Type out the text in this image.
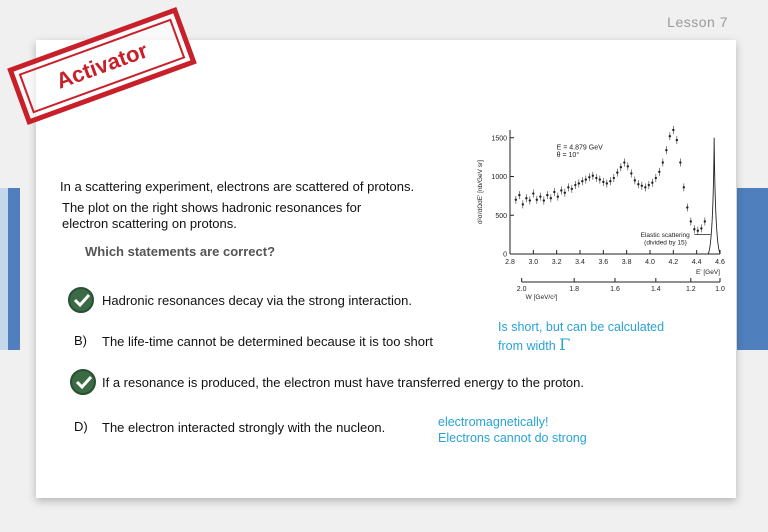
Lesson 7
In a scattering experiment, electrons are scattered of protons.
The plot on the right shows hadronic resonances for
electron scattering on protons.
Which statements are correct?
Hadronic resonances decay via the strong interaction.
B) The life-time cannot be determined because it is too short
Is short, but can be calculated
from width Γ
If a resonance is produced, the electron must have transferred energy to the proton.
D) The electron interacted strongly with the nucleon.	electromagnetically!
Electrons cannot do strong
Activator
2.8 3.0 3.2 3.4 3.6 3.8 4.0 4.2 4.4 4.6
0
500
1000
1500
E' [GeV]
d²σ/dΩdE' [nb/GeV sr]
2.0	1.8	1.6	1.4	1.2	1.0
W [GeV/c²]
E = 4.879 GeV
θ = 10°
Elastic scattering
(divided by 15)
